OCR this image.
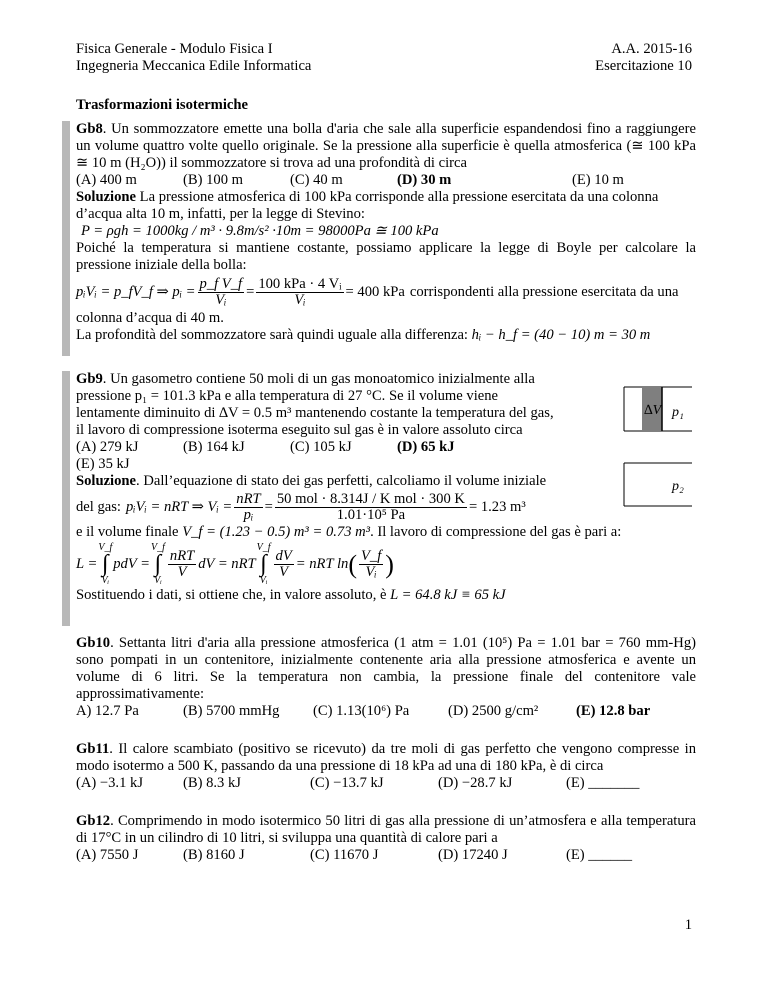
Fisica Generale - Modulo Fisica I
Ingegneria Meccanica Edile Informatica
A.A. 2015-16
Esercitazione 10
Trasformazioni isotermiche
Gb8. Un sommozzatore emette una bolla d'aria che sale alla superficie espandendosi fino a raggiungere un volume quattro volte quello originale. Se la pressione alla superficie è quella atmosferica (≅ 100 kPa ≅ 10 m (H₂O)) il sommozzatore si trova ad una profondità di circa
(A) 400 m	(B) 100 m	(C) 40 m	(D) 30 m	(E) 10 m
Soluzione La pressione atmosferica di 100 kPa corrisponde alla pressione esercitata da una colonna d’acqua alta 10 m, infatti, per la legge di Stevino:
P = ρgh = 1000kg / m³ · 9.8m/s² ·10m = 98000Pa ≅ 100 kPa
Poiché la temperatura si mantiene costante, possiamo applicare la legge di Boyle per calcolare la pressione iniziale della bolla:
pᵢVᵢ = p_fV_f ⇒ pᵢ = $\frac{\text{p\_f V\_f}}{\text{Vᵢ}} = \frac{\text{100 kPa · 4 Vᵢ}}{\text{Vᵢ}} = 400$ kPa corrispondenti alla pressione esercitata da una
colonna d’acqua di 40 m.
La profondità del sommozzatore sarà quindi uguale alla differenza: hᵢ − h_f = (40 − 10) m = 30 m
Gb9. Un gasometro contiene 50 moli di un gas monoatomico inizialmente alla
pressione p₁ = 101.3 kPa e alla temperatura di 27 °C. Se il volume viene
lentamente diminuito di ∆V = 0.5 m³ mantenendo costante la temperatura del gas,
il lavoro di compressione isoterma eseguito sul gas è in valore assoluto circa
(A) 279 kJ	(B) 164 kJ	(C) 105 kJ	(D) 65 kJ
(E) 35 kJ
Soluzione. Dall’equazione di stato dei gas perfetti, calcoliamo il volume iniziale
del gas: pᵢVᵢ = nRT ⇒ Vᵢ = $\frac{\text{nRT}}{\text{pᵢ}} = \frac{\text{50 mol · 8.314J / K mol · 300 K}}{\text{1.01·10⁵ Pa}} = 1.23$ m³
e il volume finale V_f = (1.23 − 0.5) m³ = 0.73 m³. Il lavoro di compressione del gas è pari a:
L =
V_f
∫
Vᵢ
pdV =
V_f
∫
Vᵢ
$\frac{\text{nRT}}{V}$ dV = nRT
V_f
∫
Vᵢ
$\frac{dV}{V}$ = nRT ln ( $\frac{V\_f}{\text{Vᵢ}}$ )
Sostituendo i dati, si ottiene che, in valore assoluto, è L = 64.8 kJ ≡ 65 kJ
∆V p₁
p₂
Gb10. Settanta litri d'aria alla pressione atmosferica (1 atm = 1.01 (10⁵) Pa = 1.01 bar = 760 mm-Hg) sono pompati in un contenitore, inizialmente contenente aria alla pressione atmosferica e avente un volume di 6 litri. Se la temperatura non cambia, la pressione finale del contenitore vale approssimativamente:
A) 12.7 Pa	(B) 5700 mmHg (C) 1.13(10⁶) Pa	(D) 2500 g/cm²	(E) 12.8 bar
Gb11. Il calore scambiato (positivo se ricevuto) da tre moli di gas perfetto che vengono compresse in modo isotermo a 500 K, passando da una pressione di 18 kPa ad una di 180 kPa, è di circa
(A) −3.1 kJ	(B) 8.3 kJ	(C) −13.7 kJ	(D) −28.7 kJ	(E) _______
Gb12. Comprimendo in modo isotermico 50 litri di gas alla pressione di un’atmosfera e alla temperatura di 17°C in un cilindro di 10 litri, si sviluppa una quantità di calore pari a
(A) 7550 J	(B) 8160 J	(C) 11670 J	(D) 17240 J	(E) ______
1
